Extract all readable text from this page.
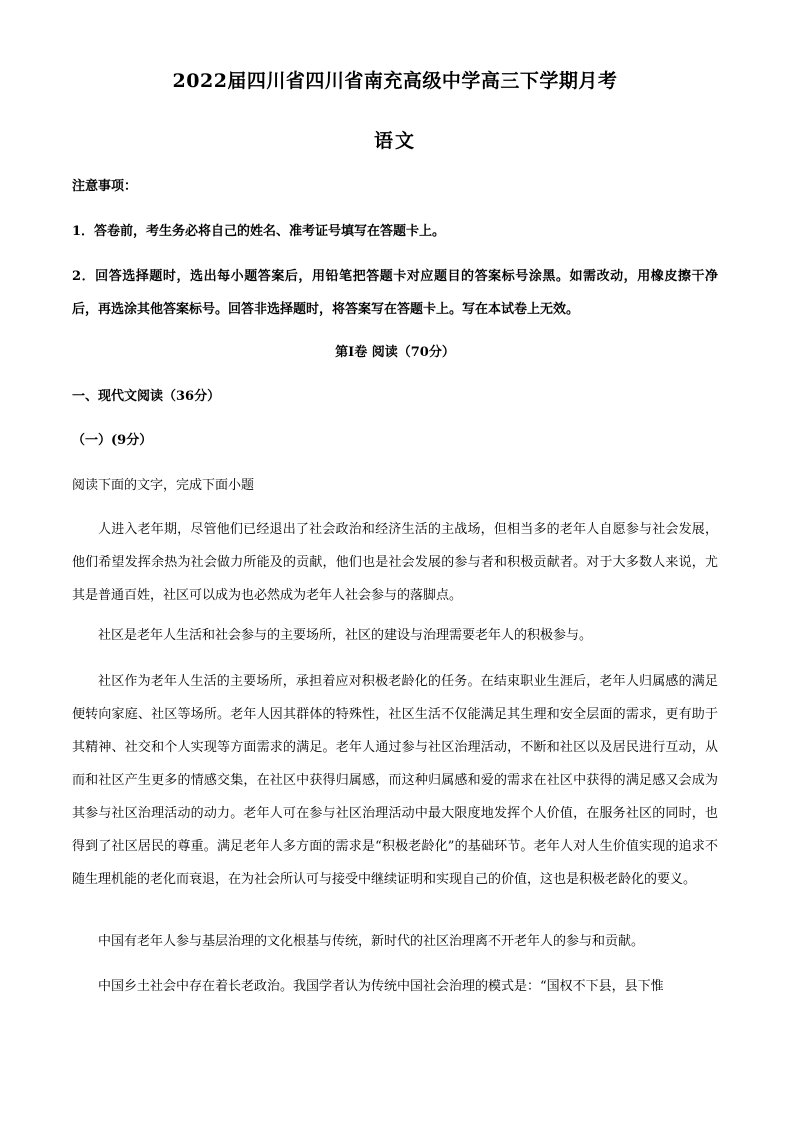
2022届四川省四川省南充高级中学高三下学期月考
语文
注意事项：
1．答卷前，考生务必将自己的姓名、准考证号填写在答题卡上。
2．回答选择题时，选出每小题答案后，用铅笔把答题卡对应题目的答案标号涂黑。如需改动，用橡皮擦干净后，再选涂其他答案标号。回答非选择题时，将答案写在答题卡上。写在本试卷上无效。
第Ⅰ卷 阅读（70分）
一、现代文阅读（36分）
（一）(9分）
阅读下面的文字，完成下面小题
人进入老年期，尽管他们已经退出了社会政治和经济生活的主战场，但相当多的老年人自愿参与社会发展，他们希望发挥余热为社会做力所能及的贡献，他们也是社会发展的参与者和积极贡献者。对于大多数人来说，尤其是普通百姓，社区可以成为也必然成为老年人社会参与的落脚点。
社区是老年人生活和社会参与的主要场所，社区的建设与治理需要老年人的积极参与。
社区作为老年人生活的主要场所，承担着应对积极老龄化的任务。在结束职业生涯后，老年人归属感的满足便转向家庭、社区等场所。老年人因其群体的特殊性，社区生活不仅能满足其生理和安全层面的需求，更有助于其精神、社交和个人实现等方面需求的满足。老年人通过参与社区治理活动，不断和社区以及居民进行互动，从而和社区产生更多的情感交集，在社区中获得归属感，而这种归属感和爱的需求在社区中获得的满足感又会成为其参与社区治理活动的动力。老年人可在参与社区治理活动中最大限度地发挥个人价值，在服务社区的同时，也得到了社区居民的尊重。满足老年人多方面的需求是“积极老龄化”的基础环节。老年人对人生价值实现的追求不随生理机能的老化而衰退，在为社会所认可与接受中继续证明和实现自己的价值，这也是积极老龄化的要义。
中国有老年人参与基层治理的文化根基与传统，新时代的社区治理离不开老年人的参与和贡献。
中国乡土社会中存在着长老政治。我国学者认为传统中国社会治理的模式是：“国权不下县，县下惟
